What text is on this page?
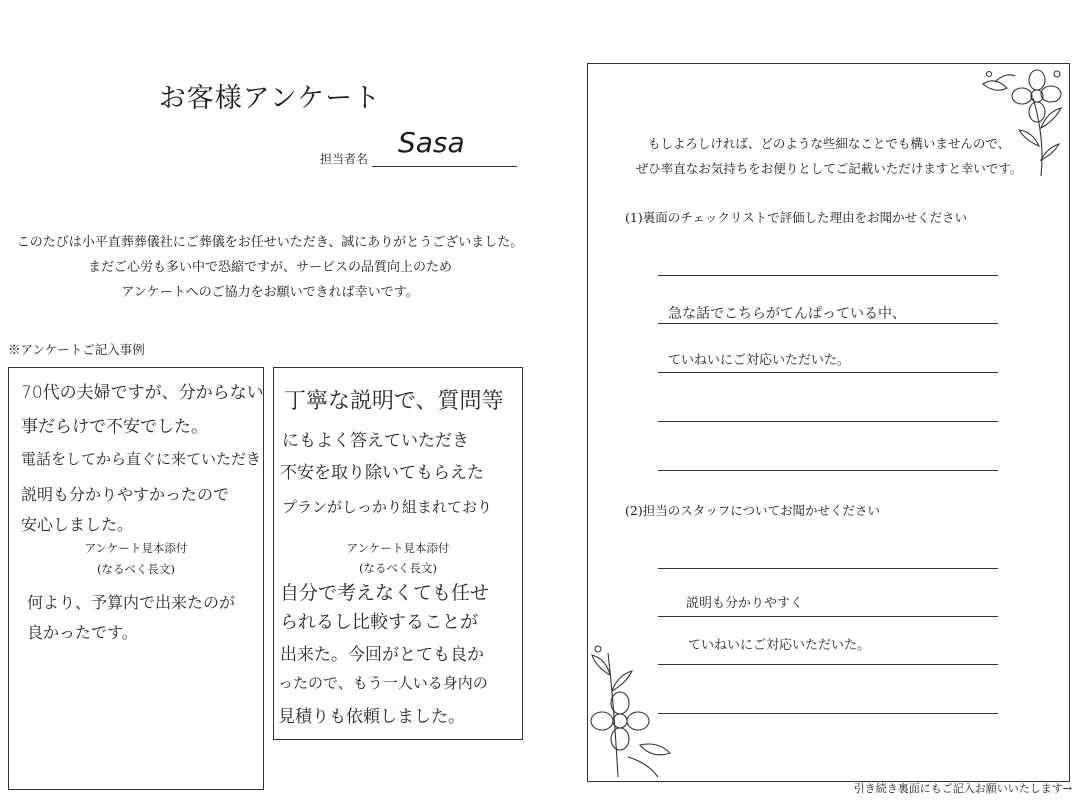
お客様アンケート
担当者名 Sasa
このたびは小平直葬葬儀社にご葬儀をお任せいただき、誠にありがとうございました。
まだご心労も多い中で恐縮ですが、サービスの品質向上のため
アンケートへのご協力をお願いできれば幸いです。
※アンケートご記入事例
70代の夫婦ですが、分からない
事だらけで不安でした。
電話をしてから直ぐに来ていただき
説明も分かりやすかったので
安心しました。
アンケート見本添付
(なるべく長文)
何より、予算内で出来たのが
良かったです。
丁寧な説明で、質問等
にもよく答えていただき
不安を取り除いてもらえた
プランがしっかり組まれており
アンケート見本添付
(なるべく長文)
自分で考えなくても任せ
られるし比較することが
出来た。今回がとても良か
ったので、もう一人いる身内の
見積りも依頼しました。
もしよろしければ、どのような些細なことでも構いませんので、
ぜひ率直なお気持ちをお便りとしてご記載いただけますと幸いです。
(1)裏面のチェックリストで評価した理由をお聞かせください
急な話でこちらがてんぱっている中、
ていねいにご対応いただいた。
(2)担当のスタッフについてお聞かせください
説明も分かりやすく
ていねいにご対応いただいた。
引き続き裏面にもご記入お願いいたします→
